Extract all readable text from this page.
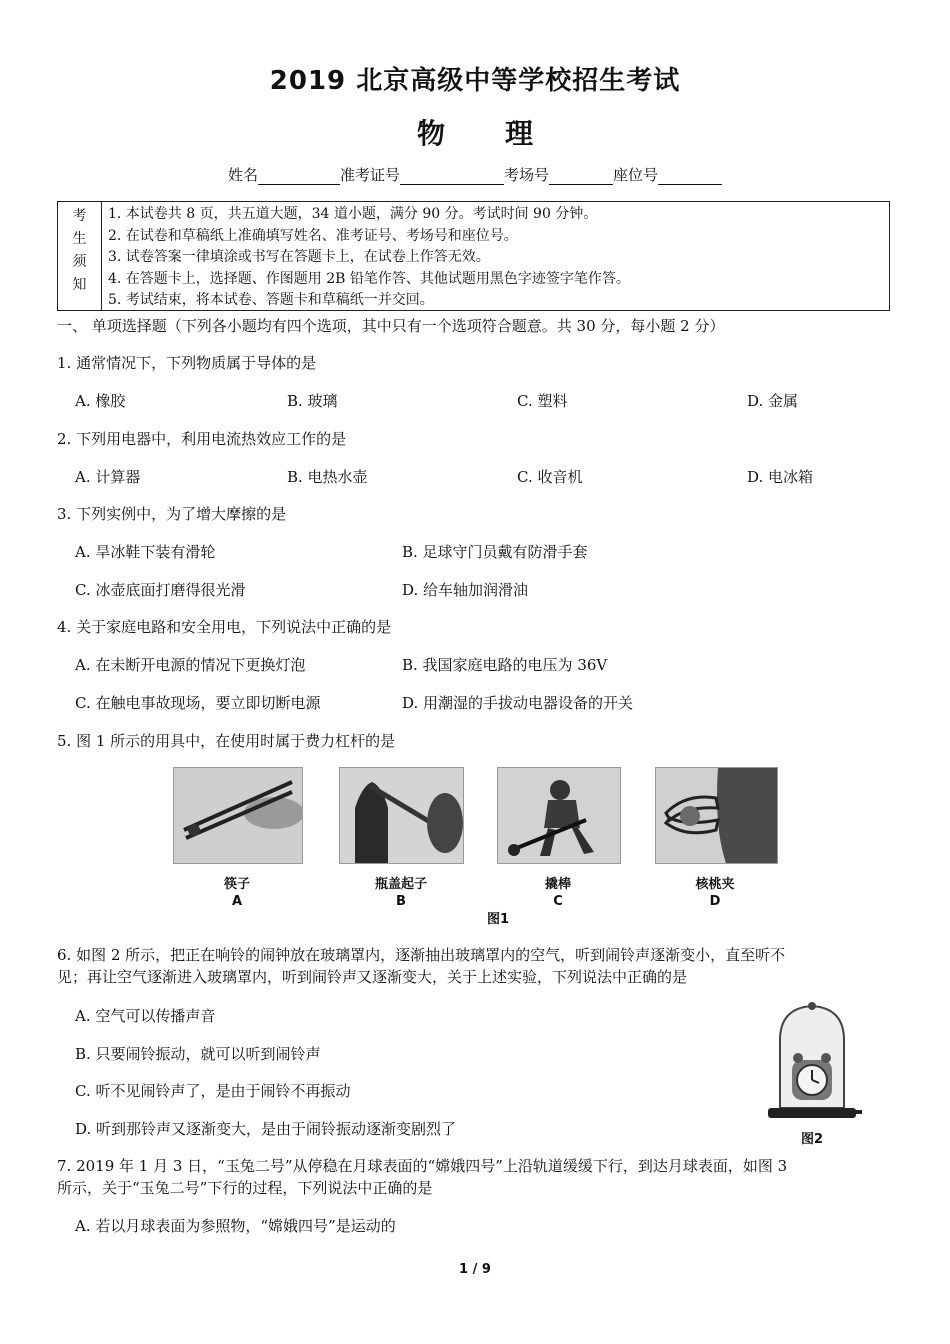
2019 北京高级中等学校招生考试
物 理
姓名	准考证号	考场号	座位号
考
生
须
知
1. 本试卷共 8 页，共五道大题，34 道小题，满分 90 分。考试时间 90 分钟。
2. 在试卷和草稿纸上准确填写姓名、准考证号、考场号和座位号。
3. 试卷答案一律填涂或书写在答题卡上，在试卷上作答无效。
4. 在答题卡上，选择题、作图题用 2B 铅笔作答、其他试题用黑色字迹签字笔作答。
5. 考试结束，将本试卷、答题卡和草稿纸一并交回。
一、 单项选择题（下列各小题均有四个选项，其中只有一个选项符合题意。共 30 分，每小题 2 分）
1. 通常情况下，下列物质属于导体的是
A. 橡胶	B. 玻璃	C. 塑料	D. 金属
2. 下列用电器中，利用电流热效应工作的是
A. 计算器	B. 电热水壶	C. 收音机	D. 电冰箱
3. 下列实例中，为了增大摩擦的是
A. 旱冰鞋下装有滑轮	B. 足球守门员戴有防滑手套
C. 冰壶底面打磨得很光滑	D. 给车轴加润滑油
4. 关于家庭电路和安全用电，下列说法中正确的是
A. 在未断开电源的情况下更换灯泡	B. 我国家庭电路的电压为 36V
C. 在触电事故现场，要立即切断电源	D. 用潮湿的手拔动电器设备的开关
5. 图 1 所示的用具中，在使用时属于费力杠杆的是
筷子
A
瓶盖起子
B
撬棒
C
核桃夹
D
图1
6. 如图 2 所示，把正在响铃的闹钟放在玻璃罩内，逐渐抽出玻璃罩内的空气，听到闹铃声逐渐变小，直至听不
见；再让空气逐渐进入玻璃罩内，听到闹铃声又逐渐变大，关于上述实验，下列说法中正确的是
A. 空气可以传播声音
B. 只要闹铃振动，就可以听到闹铃声
C. 听不见闹铃声了，是由于闹铃不再振动
D. 听到那铃声又逐渐变大，是由于闹铃振动逐渐变剧烈了
图2
7. 2019 年 1 月 3 日，“玉兔二号”从停稳在月球表面的“嫦娥四号”上沿轨道缓缓下行，到达月球表面，如图 3
所示，关于“玉兔二号”下行的过程，下列说法中正确的是
A. 若以月球表面为参照物，“嫦娥四号”是运动的
1 / 9
